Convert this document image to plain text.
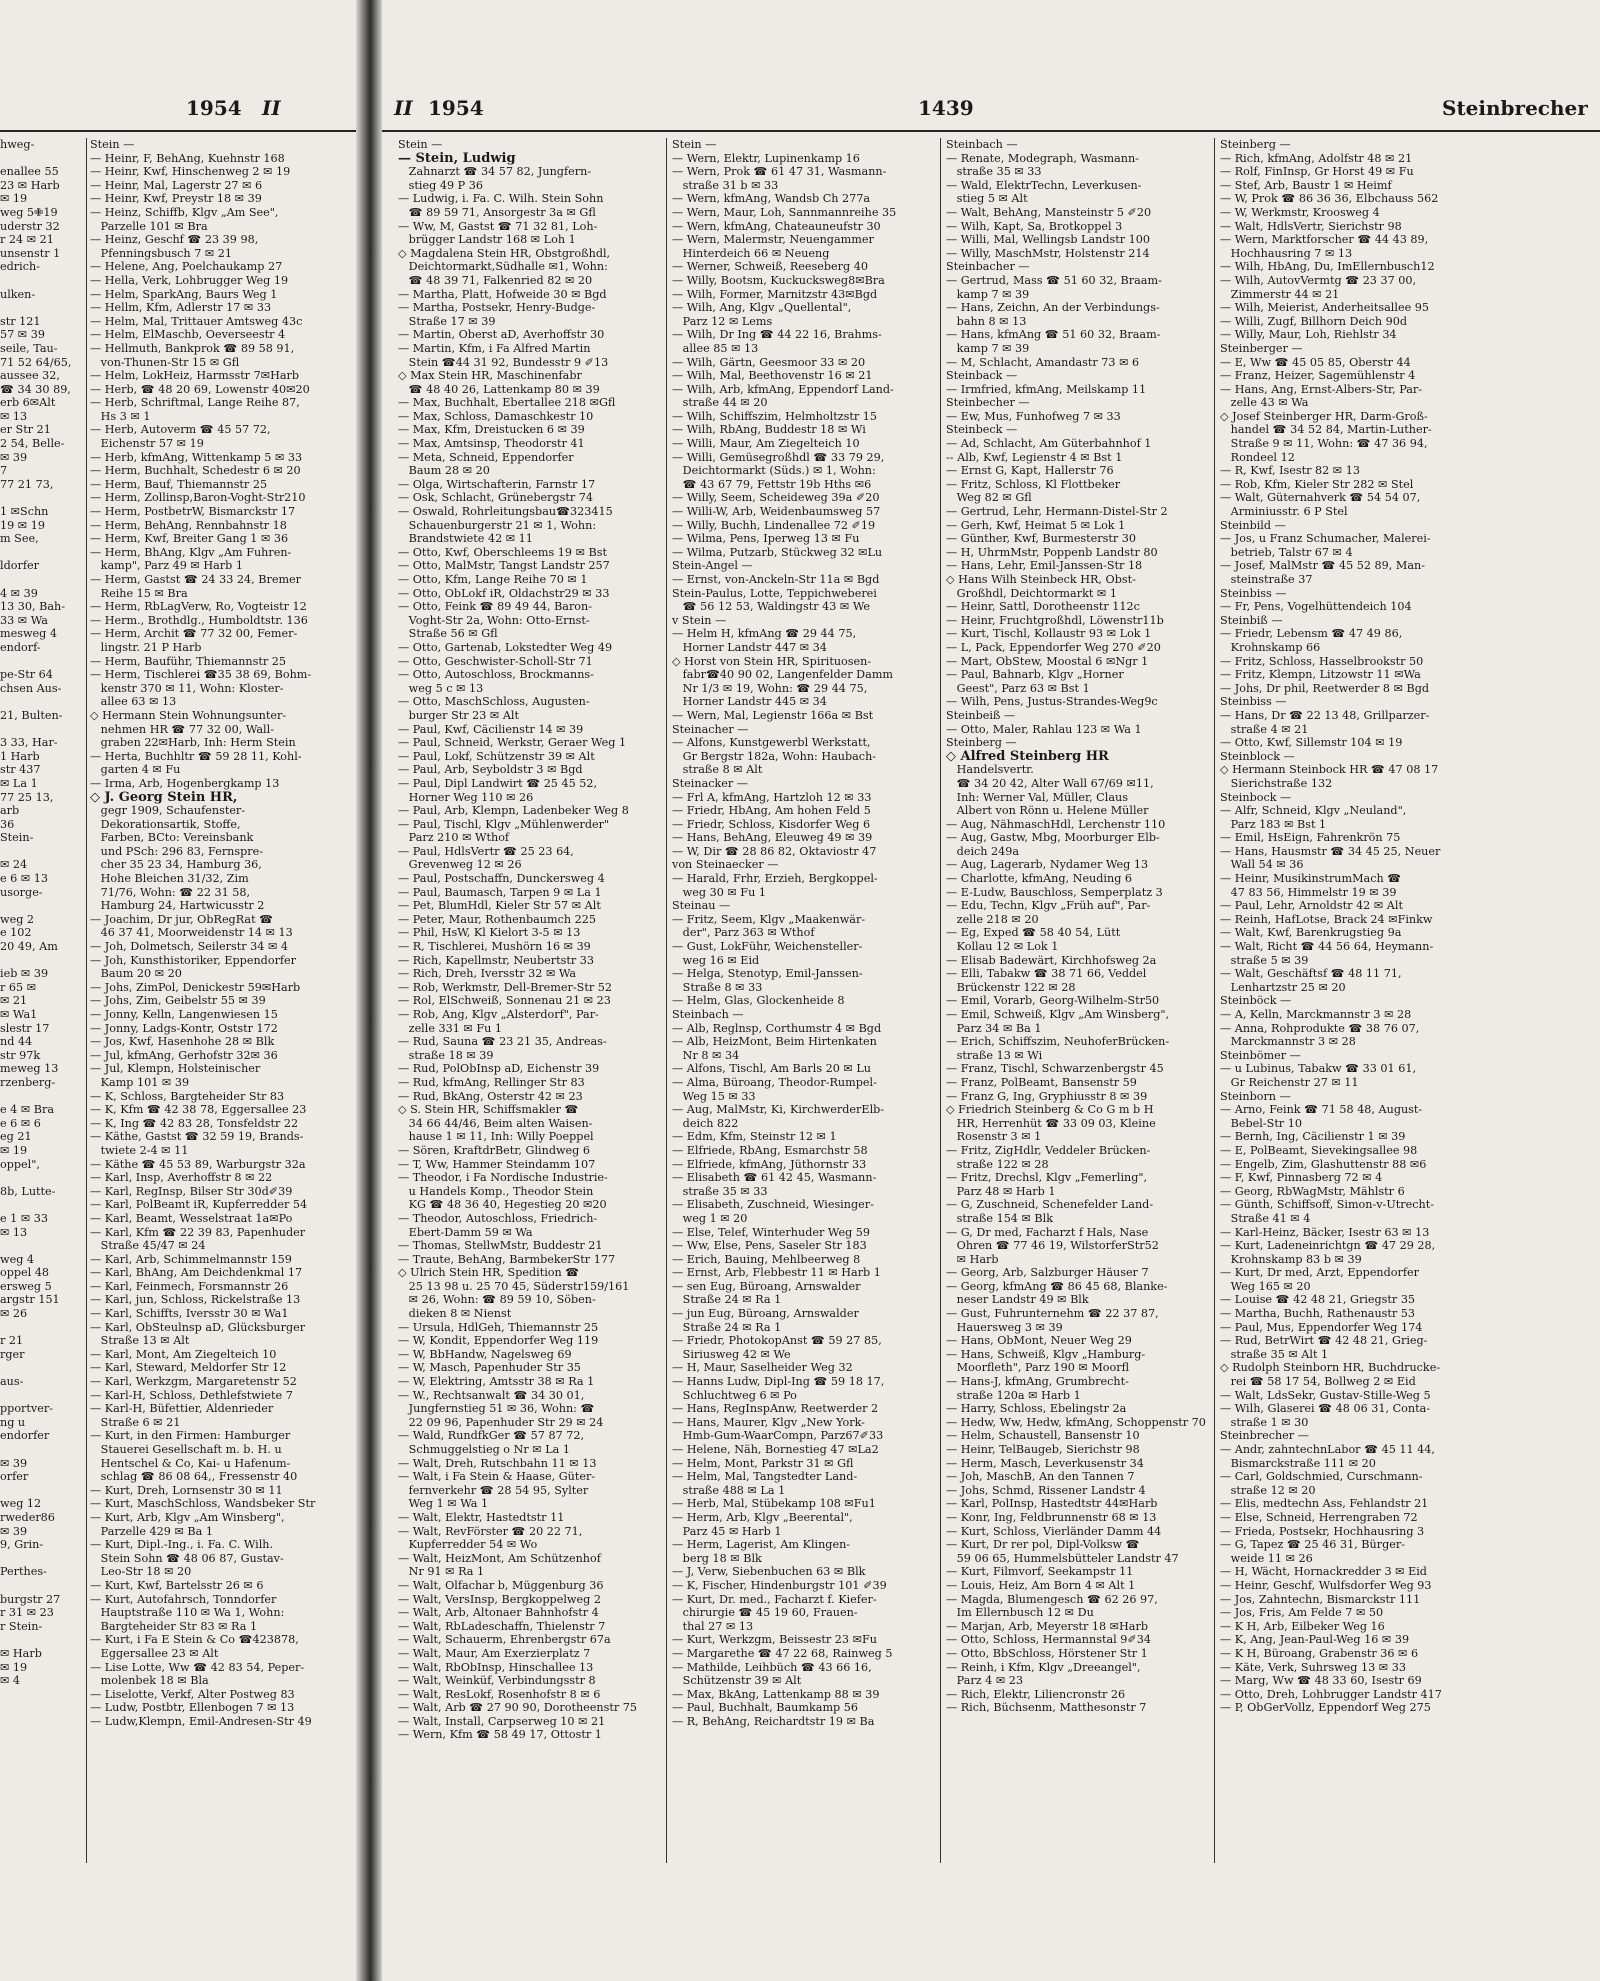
1954 II
hweg-
enallee 55
23 ✉ Harb
✉ 19
weg 5✙19
uderstr 32
r 24 ✉ 21
unsenstr 1
edrich-
ulken-
str 121
57 ✉ 39
seile, Tau-
71 52 64/65,
aussee 32,
☎ 34 30 89,
erb 6✉Alt
✉ 13
er Str 21
2 54, Belle-
✉ 39
7
77 21 73,
1 ✉Schn
19 ✉ 19
m See,
ldorfer
4 ✉ 39
13 30, Bah-
33 ✉ Wa
mesweg 4
endorf-
pe-Str 64
chsen Aus-
21, Bulten-
3 33, Har-
1 Harb
str 437
✉ La 1
77 25 13,
arb
36
Stein-
✉ 24
e 6 ✉ 13
usorge-
weg 2
e 102
20 49, Am
ieb ✉ 39
r 65 ✉
✉ 21
✉ Wa1
slestr 17
nd 44
str 97k
meweg 13
rzenberg-
e 4 ✉ Bra
e 6 ✉ 6
eg 21
✉ 19
oppel",
8b, Lutte-
e 1 ✉ 33
✉ 13
weg 4
oppel 48
ersweg 5
argstr 151
✉ 26
r 21
rger
aus-
pportver-
ng u
endorfer
✉ 39
orfer
weg 12
rweder86
✉ 39
9, Grin-
Perthes-
burgstr 27
r 31 ✉ 23
r Stein-
✉ Harb
✉ 19
✉ 4
Stein —
— Heinr, F, BehAng, Kuehnstr 168
— Heinr, Kwf, Hinschenweg 2 ✉ 19
— Heinr, Mal, Lagerstr 27 ✉ 6
— Heinr, Kwf, Preystr 18 ✉ 39
— Heinz, Schiffb, Klgv „Am See",
Parzelle 101 ✉ Bra
— Heinz, Geschf ☎ 23 39 98,
Pfenningsbusch 7 ✉ 21
— Helene, Ang, Poelchaukamp 27
— Hella, Verk, Lohbrugger Weg 19
— Helm, SparkAng, Baurs Weg 1
— Hellm, Kfm, Adlerstr 17 ✉ 33
— Helm, Mal, Trittauer Amtsweg 43c
— Helm, ElMaschb, Oeverseestr 4
— Hellmuth, Bankprok ☎ 89 58 91,
von-Thunen-Str 15 ✉ Gfl
— Helm, LokHeiz, Harmsstr 7✉Harb
— Herb, ☎ 48 20 69, Lowenstr 40✉20
— Herb, Schriftmal, Lange Reihe 87,
Hs 3 ✉ 1
— Herb, Autoverm ☎ 45 57 72,
Eichenstr 57 ✉ 19
— Herb, kfmAng, Wittenkamp 5 ✉ 33
— Herm, Buchhalt, Schedestr 6 ✉ 20
— Herm, Bauf, Thiemannstr 25
— Herm, Zollinsp,Baron-Voght-Str210
— Herm, PostbetrW, Bismarckstr 17
— Herm, BehAng, Rennbahnstr 18
— Herm, Kwf, Breiter Gang 1 ✉ 36
— Herm, BhAng, Klgv „Am Fuhren-
kamp", Parz 49 ✉ Harb 1
— Herm, Gastst ☎ 24 33 24, Bremer
Reihe 15 ✉ Bra
— Herm, RbLagVerw, Ro, Vogteistr 12
— Herm., Brothdlg., Humboldtstr. 136
— Herm, Archit ☎ 77 32 00, Femer-
lingstr. 21 P Harb
— Herm, Bauführ, Thiemannstr 25
— Herm, Tischlerei ☎35 38 69, Bohm-
kenstr 370 ✉ 11, Wohn: Kloster-
allee 63 ✉ 13
◇ Hermann Stein Wohnungsunter-
nehmen HR ☎ 77 32 00, Wall-
graben 22✉Harb, Inh: Herm Stein
— Herta, Buchhltr ☎ 59 28 11, Kohl-
garten 4 ✉ Fu
— Irma, Arb, Hogenbergkamp 13
◇ J. Georg Stein HR,
gegr 1909, Schaufenster-
Dekorationsartik, Stoffe,
Farben, BCto: Vereinsbank
und PSch: 296 83, Fernspre-
cher 35 23 34, Hamburg 36,
Hohe Bleichen 31/32, Zim
71/76, Wohn: ☎ 22 31 58,
Hamburg 24, Hartwicusstr 2
— Joachim, Dr jur, ObRegRat ☎
46 37 41, Moorweidenstr 14 ✉ 13
— Joh, Dolmetsch, Seilerstr 34 ✉ 4
— Joh, Kunsthistoriker, Eppendorfer
Baum 20 ✉ 20
— Johs, ZimPol, Denickestr 59✉Harb
— Johs, Zim, Geibelstr 55 ✉ 39
— Jonny, Kelln, Langenwiesen 15
— Jonny, Ladgs-Kontr, Oststr 172
— Jos, Kwf, Hasenhohe 28 ✉ Blk
— Jul, kfmAng, Gerhofstr 32✉ 36
— Jul, Klempn, Holsteinischer
Kamp 101 ✉ 39
— K, Schloss, Bargteheider Str 83
— K, Kfm ☎ 42 38 78, Eggersallee 23
— K, Ing ☎ 42 83 28, Tonsfeldstr 22
— Käthe, Gastst ☎ 32 59 19, Brands-
twiete 2-4 ✉ 11
— Käthe ☎ 45 53 89, Warburgstr 32a
— Karl, Insp, Averhoffstr 8 ✉ 22
— Karl, RegInsp, Bilser Str 30d✐39
— Karl, PolBeamt iR, Kupferredder 54
— Karl, Beamt, Wesselstraat 1a✉Po
— Karl, Kfm ☎ 22 39 83, Papenhuder
Straße 45/47 ✉ 24
— Karl, Arb, Schimmelmannstr 159
— Karl, BhAng, Am Deichdenkmal 17
— Karl, Feinmech, Forsmannstr 26
— Karl, jun, Schloss, Rickelstraße 13
— Karl, Schiffts, Iversstr 30 ✉ Wa1
— Karl, ObSteulnsp aD, Glücksburger
Straße 13 ✉ Alt
— Karl, Mont, Am Ziegelteich 10
— Karl, Steward, Meldorfer Str 12
— Karl, Werkzgm, Margaretenstr 52
— Karl-H, Schloss, Dethlefstwiete 7
— Karl-H, Büfettier, Aldenrieder
Straße 6 ✉ 21
— Kurt, in den Firmen: Hamburger
Stauerei Gesellschaft m. b. H. u
Hentschel & Co, Kai- u Hafenum-
schlag ☎ 86 08 64,, Fressenstr 40
— Kurt, Dreh, Lornsenstr 30 ✉ 11
— Kurt, MaschSchloss, Wandsbeker Str
— Kurt, Arb, Klgv „Am Winsberg",
Parzelle 429 ✉ Ba 1
— Kurt, Dipl.-Ing., i. Fa. C. Wilh.
Stein Sohn ☎ 48 06 87, Gustav-
Leo-Str 18 ✉ 20
— Kurt, Kwf, Bartelsstr 26 ✉ 6
— Kurt, Autofahrsch, Tonndorfer
Hauptstraße 110 ✉ Wa 1, Wohn:
Bargteheider Str 83 ✉ Ra 1
— Kurt, i Fa E Stein & Co ☎423878,
Eggersallee 23 ✉ Alt
— Lise Lotte, Ww ☎ 42 83 54, Peper-
molenbek 18 ✉ Bla
— Liselotte, Verkf, Alter Postweg 83
— Ludw, Postbtr, Ellenbogen 7 ✉ 13
— Ludw,Klempn, Emil-Andresen-Str 49
II 1954	1439	Steinbrecher
Stein —
— Stein, Ludwig
Zahnarzt ☎ 34 57 82, Jungfern-
stieg 49 P 36
— Ludwig, i. Fa. C. Wilh. Stein Sohn
☎ 89 59 71, Ansorgestr 3a ✉ Gfl
— Ww, M, Gastst ☎ 71 32 81, Loh-
brügger Landstr 168 ✉ Loh 1
◇ Magdalena Stein HR, Obstgroßhdl,
Deichtormarkt,Südhalle ✉1, Wohn:
☎ 48 39 71, Falkenried 82 ✉ 20
— Martha, Platt, Hofweide 30 ✉ Bgd
— Martha, Postsekr, Henry-Budge-
Straße 17 ✉ 39
— Martin, Oberst aD, Averhoffstr 30
— Martin, Kfm, i Fa Alfred Martin
Stein ☎44 31 92, Bundesstr 9 ✐13
◇ Max Stein HR, Maschinenfabr
☎ 48 40 26, Lattenkamp 80 ✉ 39
— Max, Buchhalt, Ebertallee 218 ✉Gfl
— Max, Schloss, Damaschkestr 10
— Max, Kfm, Dreistucken 6 ✉ 39
— Max, Amtsinsp, Theodorstr 41
— Meta, Schneid, Eppendorfer
Baum 28 ✉ 20
— Olga, Wirtschafterin, Farnstr 17
— Osk, Schlacht, Grünebergstr 74
— Oswald, Rohrleitungsbau☎323415
Schauenburgerstr 21 ✉ 1, Wohn:
Brandstwiete 42 ✉ 11
— Otto, Kwf, Oberschleems 19 ✉ Bst
— Otto, MalMstr, Tangst Landstr 257
— Otto, Kfm, Lange Reihe 70 ✉ 1
— Otto, ObLokf iR, Oldachstr29 ✉ 33
— Otto, Feink ☎ 89 49 44, Baron-
Voght-Str 2a, Wohn: Otto-Ernst-
Straße 56 ✉ Gfl
— Otto, Gartenab, Lokstedter Weg 49
— Otto, Geschwister-Scholl-Str 71
— Otto, Autoschloss, Brockmanns-
weg 5 c ✉ 13
— Otto, MaschSchloss, Augusten-
burger Str 23 ✉ Alt
— Paul, Kwf, Cäcilienstr 14 ✉ 39
— Paul, Schneid, Werkstr, Geraer Weg 1
— Paul, Lokf, Schützenstr 39 ✉ Alt
— Paul, Arb, Seyboldstr 3 ✉ Bgd
— Paul, Dipl Landwirt ☎ 25 45 52,
Horner Weg 110 ✉ 26
— Paul, Arb, Klempn, Ladenbeker Weg 8
— Paul, Tischl, Klgv „Mühlenwerder"
Parz 210 ✉ Wthof
— Paul, HdlsVertr ☎ 25 23 64,
Grevenweg 12 ✉ 26
— Paul, Postschaffn, Dunckersweg 4
— Paul, Baumasch, Tarpen 9 ✉ La 1
— Pet, BlumHdl, Kieler Str 57 ✉ Alt
— Peter, Maur, Rothenbaumch 225
— Phil, HsW, Kl Kielort 3-5 ✉ 13
— R, Tischlerei, Mushörn 16 ✉ 39
— Rich, Kapellmstr, Neubertstr 33
— Rich, Dreh, Iversstr 32 ✉ Wa
— Rob, Werkmstr, Dell-Bremer-Str 52
— Rol, ElSchweiß, Sonnenau 21 ✉ 23
— Rob, Ang, Klgv „Alsterdorf", Par-
zelle 331 ✉ Fu 1
— Rud, Sauna ☎ 23 21 35, Andreas-
straße 18 ✉ 39
— Rud, PolObInsp aD, Eichenstr 39
— Rud, kfmAng, Rellinger Str 83
— Rud, BkAng, Osterstr 42 ✉ 23
◇ S. Stein HR, Schiffsmakler ☎
34 66 44/46, Beim alten Waisen-
hause 1 ✉ 11, Inh: Willy Poeppel
— Sören, KraftdrBetr, Glindweg 6
— T, Ww, Hammer Steindamm 107
— Theodor, i Fa Nordische Industrie-
u Handels Komp., Theodor Stein
KG ☎ 48 36 40, Hegestieg 20 ✉20
— Theodor, Autoschloss, Friedrich-
Ebert-Damm 59 ✉ Wa
— Thomas, StellwMstr, Buddestr 21
— Traute, BehAng, BarmbekerStr 177
◇ Ulrich Stein HR, Spedition ☎
25 13 98 u. 25 70 45, Süderstr159/161
✉ 26, Wohn: ☎ 89 59 10, Söben-
dieken 8 ✉ Nienst
— Ursula, HdlGeh, Thiemannstr 25
— W, Kondit, Eppendorfer Weg 119
— W, BbHandw, Nagelsweg 69
— W, Masch, Papenhuder Str 35
— W, Elektring, Amtsstr 38 ✉ Ra 1
— W., Rechtsanwalt ☎ 34 30 01,
Jungfernstieg 51 ✉ 36, Wohn: ☎
22 09 96, Papenhuder Str 29 ✉ 24
— Wald, RundfkGer ☎ 57 87 72,
Schmuggelstieg o Nr ✉ La 1
— Walt, Dreh, Rutschbahn 11 ✉ 13
— Walt, i Fa Stein & Haase, Güter-
fernverkehr ☎ 28 54 95, Sylter
Weg 1 ✉ Wa 1
— Walt, Elektr, Hastedtstr 11
— Walt, RevFörster ☎ 20 22 71,
Kupferredder 54 ✉ Wo
— Walt, HeizMont, Am Schützenhof
Nr 91 ✉ Ra 1
— Walt, Olfachar b, Müggenburg 36
— Walt, VersInsp, Bergkoppelweg 2
— Walt, Arb, Altonaer Bahnhofstr 4
— Walt, RbLadeschaffn, Thielenstr 7
— Walt, Schauerm, Ehrenbergstr 67a
— Walt, Maur, Am Exerzierplatz 7
— Walt, RbObInsp, Hinschallee 13
— Walt, Weinküf, Verbindungsstr 8
— Walt, ResLokf, Rosenhofstr 8 ✉ 6
— Walt, Arb ☎ 27 90 90, Dorotheenstr 75
— Walt, Install, Carpserweg 10 ✉ 21
— Wern, Kfm ☎ 58 49 17, Ottostr 1
Stein —
— Wern, Elektr, Lupinenkamp 16
— Wern, Prok ☎ 61 47 31, Wasmann-
straße 31 b ✉ 33
— Wern, kfmAng, Wandsb Ch 277a
— Wern, Maur, Loh, Sannmannreihe 35
— Wern, kfmAng, Chateauneufstr 30
— Wern, Malermstr, Neuengammer
Hinterdeich 66 ✉ Neueng
— Werner, Schweiß, Reeseberg 40
— Willy, Bootsm, Kuckucksweg8✉Bra
— Wilh, Former, Marnitzstr 43✉Bgd
— Wilh, Ang, Klgv „Quellental",
Parz 12 ✉ Lems
— Wilh, Dr Ing ☎ 44 22 16, Brahms-
allee 85 ✉ 13
— Wilh, Gärtn, Geesmoor 33 ✉ 20
— Wilh, Mal, Beethovenstr 16 ✉ 21
— Wilh, Arb, kfmAng, Eppendorf Land-
straße 44 ✉ 20
— Wilh, Schiffszim, Helmholtzstr 15
— Wilh, RbAng, Buddestr 18 ✉ Wi
— Willi, Maur, Am Ziegelteich 10
— Willi, Gemüsegroßhdl ☎ 33 79 29,
Deichtormarkt (Süds.) ✉ 1, Wohn:
☎ 43 67 79, Fettstr 19b Hths ✉6
— Willy, Seem, Scheideweg 39a ✐20
— Willi-W, Arb, Weidenbaumsweg 57
— Willy, Buchh, Lindenallee 72 ✐19
— Wilma, Pens, Iperweg 13 ✉ Fu
— Wilma, Putzarb, Stückweg 32 ✉Lu
Stein-Angel —
— Ernst, von-Anckeln-Str 11a ✉ Bgd
Stein-Paulus, Lotte, Teppichweberei
☎ 56 12 53, Waldingstr 43 ✉ We
v Stein —
— Helm H, kfmAng ☎ 29 44 75,
Horner Landstr 447 ✉ 34
◇ Horst von Stein HR, Spirituosen-
fabr☎40 90 02, Langenfelder Damm
Nr 1/3 ✉ 19, Wohn: ☎ 29 44 75,
Horner Landstr 445 ✉ 34
— Wern, Mal, Legienstr 166a ✉ Bst
Steinacher —
— Alfons, Kunstgewerbl Werkstatt,
Gr Bergstr 182a, Wohn: Haubach-
straße 8 ✉ Alt
Steinacker —
— Frl A, kfmAng, Hartzloh 12 ✉ 33
— Friedr, HbAng, Am hohen Feld 5
— Friedr, Schloss, Kisdorfer Weg 6
— Hans, BehAng, Eleuweg 49 ✉ 39
— W, Dir ☎ 28 86 82, Oktaviostr 47
von Steinaecker —
— Harald, Frhr, Erzieh, Bergkoppel-
weg 30 ✉ Fu 1
Steinau —
— Fritz, Seem, Klgv „Maakenwär-
der", Parz 363 ✉ Wthof
— Gust, LokFühr, Weichensteller-
weg 16 ✉ Eid
— Helga, Stenotyp, Emil-Janssen-
Straße 8 ✉ 33
— Helm, Glas, Glockenheide 8
Steinbach —
— Alb, Reglnsp, Corthumstr 4 ✉ Bgd
— Alb, HeizMont, Beim Hirtenkaten
Nr 8 ✉ 34
— Alfons, Tischl, Am Barls 20 ✉ Lu
— Alma, Büroang, Theodor-Rumpel-
Weg 15 ✉ 33
— Aug, MalMstr, Ki, KirchwerderElb-
deich 822
— Edm, Kfm, Steinstr 12 ✉ 1
— Elfriede, RbAng, Esmarchstr 58
— Elfriede, kfmAng, Jüthornstr 33
— Elisabeth ☎ 61 42 45, Wasmann-
straße 35 ✉ 33
— Elisabeth, Zuschneid, Wiesinger-
weg 1 ✉ 20
— Else, Telef, Winterhuder Weg 59
— Ww, Else, Pens, Saseler Str 183
— Erich, Bauing, Mehlbeerweg 8
— Ernst, Arb, Flebbestr 11 ✉ Harb 1
— sen Eug, Büroang, Arnswalder
Straße 24 ✉ Ra 1
— jun Eug, Büroang, Arnswalder
Straße 24 ✉ Ra 1
— Friedr, PhotokopAnst ☎ 59 27 85,
Siriusweg 42 ✉ We
— H, Maur, Saselheider Weg 32
— Hanns Ludw, Dipl-Ing ☎ 59 18 17,
Schluchtweg 6 ✉ Po
— Hans, RegInspAnw, Reetwerder 2
— Hans, Maurer, Klgv „New York-
Hmb-Gum-WaarCompn, Parz67✐33
— Helene, Näh, Bornestieg 47 ✉La2
— Helm, Mont, Parkstr 31 ✉ Gfl
— Helm, Mal, Tangstedter Land-
straße 488 ✉ La 1
— Herb, Mal, Stübekamp 108 ✉Fu1
— Herm, Arb, Klgv „Beerental",
Parz 45 ✉ Harb 1
— Herm, Lagerist, Am Klingen-
berg 18 ✉ Blk
— J, Verw, Siebenbuchen 63 ✉ Blk
— K, Fischer, Hindenburgstr 101 ✐39
— Kurt, Dr. med., Facharzt f. Kiefer-
chirurgie ☎ 45 19 60, Frauen-
thal 27 ✉ 13
— Kurt, Werkzgm, Beissestr 23 ✉Fu
— Margarethe ☎ 47 22 68, Rainweg 5
— Mathilde, Leihbüch ☎ 43 66 16,
Schützenstr 39 ✉ Alt
— Max, BkAng, Lattenkamp 88 ✉ 39
— Paul, Buchhalt, Baumkamp 56
— R, BehAng, Reichardtstr 19 ✉ Ba
Steinbach —
— Renate, Modegraph, Wasmann-
straße 35 ✉ 33
— Wald, ElektrTechn, Leverkusen-
stieg 5 ✉ Alt
— Walt, BehAng, Mansteinstr 5 ✐20
— Wilh, Kapt, Sa, Brotkoppel 3
— Willi, Mal, Wellingsb Landstr 100
— Willy, MaschMstr, Holstenstr 214
Steinbacher —
— Gertrud, Mass ☎ 51 60 32, Braam-
kamp 7 ✉ 39
— Hans, Zeichn, An der Verbindungs-
bahn 8 ✉ 13
— Hans, kfmAng ☎ 51 60 32, Braam-
kamp 7 ✉ 39
— M, Schlacht, Amandastr 73 ✉ 6
Steinback —
— Irmfried, kfmAng, Meilskamp 11
Steinbecher —
— Ew, Mus, Funhofweg 7 ✉ 33
Steinbeck —
— Ad, Schlacht, Am Güterbahnhof 1
-- Alb, Kwf, Legienstr 4 ✉ Bst 1
— Ernst G, Kapt, Hallerstr 76
— Fritz, Schloss, Kl Flottbeker
Weg 82 ✉ Gfl
— Gertrud, Lehr, Hermann-Distel-Str 2
— Gerh, Kwf, Heimat 5 ✉ Lok 1
— Günther, Kwf, Burmesterstr 30
— H, UhrmMstr, Poppenb Landstr 80
— Hans, Lehr, Emil-Janssen-Str 18
◇ Hans Wilh Steinbeck HR, Obst-
Großhdl, Deichtormarkt ✉ 1
— Heinr, Sattl, Dorotheenstr 112c
— Heinr, Fruchtgroßhdl, Löwenstr11b
— Kurt, Tischl, Kollaustr 93 ✉ Lok 1
— L, Pack, Eppendorfer Weg 270 ✐20
— Mart, ObStew, Moostal 6 ✉Ngr 1
— Paul, Bahnarb, Klgv „Horner
Geest", Parz 63 ✉ Bst 1
— Wilh, Pens, Justus-Strandes-Weg9c
Steinbeiß —
— Otto, Maler, Rahlau 123 ✉ Wa 1
Steinberg —
◇ Alfred Steinberg HR
Handelsvertr.
☎ 34 20 42, Alter Wall 67/69 ✉11,
Inh: Werner Val, Müller, Claus
Albert von Rönn u. Helene Müller
— Aug, NähmaschHdl, Lerchenstr 110
— Aug, Gastw, Mbg, Moorburger Elb-
deich 249a
— Aug, Lagerarb, Nydamer Weg 13
— Charlotte, kfmAng, Neuding 6
— E-Ludw, Bauschloss, Semperplatz 3
— Edu, Techn, Klgv „Früh auf", Par-
zelle 218 ✉ 20
— Eg, Exped ☎ 58 40 54, Lütt
Kollau 12 ✉ Lok 1
— Elisab Badewärt, Kirchhofsweg 2a
— Elli, Tabakw ☎ 38 71 66, Veddel
Brückenstr 122 ✉ 28
— Emil, Vorarb, Georg-Wilhelm-Str50
— Emil, Schweiß, Klgv „Am Winsberg",
Parz 34 ✉ Ba 1
— Erich, Schiffszim, NeuhoferBrücken-
straße 13 ✉ Wi
— Franz, Tischl, Schwarzenbergstr 45
— Franz, PolBeamt, Bansenstr 59
— Franz G, Ing, Gryphiusstr 8 ✉ 39
◇ Friedrich Steinberg & Co G m b H
HR, Herrenhüt ☎ 33 09 03, Kleine
Rosenstr 3 ✉ 1
— Fritz, ZigHdlr, Veddeler Brücken-
straße 122 ✉ 28
— Fritz, Drechsl, Klgv „Femerling",
Parz 48 ✉ Harb 1
— G, Zuschneid, Schenefelder Land-
straße 154 ✉ Blk
— G, Dr med, Facharzt f Hals, Nase
Ohren ☎ 77 46 19, WilstorferStr52
✉ Harb
— Georg, Arb, Salzburger Häuser 7
— Georg, kfmAng ☎ 86 45 68, Blanke-
neser Landstr 49 ✉ Blk
— Gust, Fuhrunternehm ☎ 22 37 87,
Hauersweg 3 ✉ 39
— Hans, ObMont, Neuer Weg 29
— Hans, Schweiß, Klgv „Hamburg-
Moorfleth", Parz 190 ✉ Moorfl
— Hans-J, kfmAng, Grumbrecht-
straße 120a ✉ Harb 1
— Harry, Schloss, Ebelingstr 2a
— Hedw, Ww, Hedw, kfmAng, Schoppenstr 70
— Helm, Schaustell, Bansenstr 10
— Heinr, TelBaugeb, Sierichstr 98
— Herm, Masch, Leverkusenstr 34
— Joh, MaschB, An den Tannen 7
— Johs, Schmd, Rissener Landstr 4
— Karl, PolInsp, Hastedtstr 44✉Harb
— Konr, Ing, Feldbrunnenstr 68 ✉ 13
— Kurt, Schloss, Vierländer Damm 44
— Kurt, Dr rer pol, Dipl-Volksw ☎
59 06 65, Hummelsbütteler Landstr 47
— Kurt, Filmvorf, Seekampstr 11
— Louis, Heiz, Am Born 4 ✉ Alt 1
— Magda, Blumengesch ☎ 62 26 97,
Im Ellernbusch 12 ✉ Du
— Marjan, Arb, Meyerstr 18 ✉Harb
— Otto, Schloss, Hermannstal 9✐34
— Otto, BbSchloss, Hörstener Str 1
— Reinh, i Kfm, Klgv „Dreeangel",
Parz 4 ✉ 23
— Rich, Elektr, Liliencronstr 26
— Rich, Büchsenm, Matthesonstr 7
Steinberg —
— Rich, kfmAng, Adolfstr 48 ✉ 21
— Rolf, FinInsp, Gr Horst 49 ✉ Fu
— Stef, Arb, Baustr 1 ✉ Heimf
— W, Prok ☎ 86 36 36, Elbchauss 562
— W, Werkmstr, Kroosweg 4
— Walt, HdlsVertr, Sierichstr 98
— Wern, Marktforscher ☎ 44 43 89,
Hochhausring 7 ✉ 13
— Wilh, HbAng, Du, ImEllernbusch12
— Wilh, AutovVermtg ☎ 23 37 00,
Zimmerstr 44 ✉ 21
— Wilh, Meierist, Anderheitsallee 95
— Willi, Zugf, Billhorn Deich 90d
— Willy, Maur, Loh, Riehlstr 34
Steinberger —
— E, Ww ☎ 45 05 85, Oberstr 44
— Franz, Heizer, Sagemühlenstr 4
— Hans, Ang, Ernst-Albers-Str, Par-
zelle 43 ✉ Wa
◇ Josef Steinberger HR, Darm-Groß-
handel ☎ 34 52 84, Martin-Luther-
Straße 9 ✉ 11, Wohn: ☎ 47 36 94,
Rondeel 12
— R, Kwf, Isestr 82 ✉ 13
— Rob, Kfm, Kieler Str 282 ✉ Stel
— Walt, Güternahverk ☎ 54 54 07,
Arminiusstr. 6 P Stel
Steinbild —
— Jos, u Franz Schumacher, Malerei-
betrieb, Talstr 67 ✉ 4
— Josef, MalMstr ☎ 45 52 89, Man-
steinstraße 37
Steinbiss —
— Fr, Pens, Vogelhüttendeich 104
Steinbiß —
— Friedr, Lebensm ☎ 47 49 86,
Krohnskamp 66
— Fritz, Schloss, Hasselbrookstr 50
— Fritz, Klempn, Litzowstr 11 ✉Wa
— Johs, Dr phil, Reetwerder 8 ✉ Bgd
Steinbiss —
— Hans, Dr ☎ 22 13 48, Grillparzer-
straße 4 ✉ 21
— Otto, Kwf, Sillemstr 104 ✉ 19
Steinblock —
◇ Hermann Steinbock HR ☎ 47 08 17
Sierichstraße 132
Steinbock —
— Alfr, Schneid, Klgv „Neuland",
Parz 183 ✉ Bst 1
— Emil, HsEign, Fahrenkrön 75
— Hans, Hausmstr ☎ 34 45 25, Neuer
Wall 54 ✉ 36
— Heinr, MusikinstrumMach ☎
47 83 56, Himmelstr 19 ✉ 39
— Paul, Lehr, Arnoldstr 42 ✉ Alt
— Reinh, HafLotse, Brack 24 ✉Finkw
— Walt, Kwf, Barenkrugstieg 9a
— Walt, Richt ☎ 44 56 64, Heymann-
straße 5 ✉ 39
— Walt, Geschäftsf ☎ 48 11 71,
Lenhartzstr 25 ✉ 20
Steinböck —
— A, Kelln, Marckmannstr 3 ✉ 28
— Anna, Rohprodukte ☎ 38 76 07,
Marckmannstr 3 ✉ 28
Steinbömer —
— u Lubinus, Tabakw ☎ 33 01 61,
Gr Reichenstr 27 ✉ 11
Steinborn —
— Arno, Feink ☎ 71 58 48, August-
Bebel-Str 10
— Bernh, Ing, Cäcilienstr 1 ✉ 39
— E, PolBeamt, Sievekingsallee 98
— Engelb, Zim, Glashuttenstr 88 ✉6
— F, Kwf, Pinnasberg 72 ✉ 4
— Georg, RbWagMstr, Mählstr 6
— Günth, Schiffsoff, Simon-v-Utrecht-
Straße 41 ✉ 4
— Karl-Heinz, Bäcker, Isestr 63 ✉ 13
— Kurt, Ladeneinrichtgn ☎ 47 29 28,
Krohnskamp 83 b ✉ 39
— Kurt, Dr med, Arzt, Eppendorfer
Weg 165 ✉ 20
— Louise ☎ 42 48 21, Griegstr 35
— Martha, Buchh, Rathenaustr 53
— Paul, Mus, Eppendorfer Weg 174
— Rud, BetrWirt ☎ 42 48 21, Grieg-
straße 35 ✉ Alt 1
◇ Rudolph Steinborn HR, Buchdrucke-
rei ☎ 58 17 54, Bollweg 2 ✉ Eid
— Walt, LdsSekr, Gustav-Stille-Weg 5
— Wilh, Glaserei ☎ 48 06 31, Conta-
straße 1 ✉ 30
Steinbrecher —
— Andr, zahntechnLabor ☎ 45 11 44,
Bismarckstraße 111 ✉ 20
— Carl, Goldschmied, Curschmann-
straße 12 ✉ 20
— Elis, medtechn Ass, Fehlandstr 21
— Else, Schneid, Herrengraben 72
— Frieda, Postsekr, Hochhausring 3
— G, Tapez ☎ 25 46 31, Bürger-
weide 11 ✉ 26
— H, Wächt, Hornackredder 3 ✉ Eid
— Heinr, Geschf, Wulfsdorfer Weg 93
— Jos, Zahntechn, Bismarckstr 111
— Jos, Fris, Am Felde 7 ✉ 50
— K H, Arb, Eilbeker Weg 16
— K, Ang, Jean-Paul-Weg 16 ✉ 39
— K H, Büroang, Grabenstr 36 ✉ 6
— Käte, Verk, Suhrsweg 13 ✉ 33
— Marg, Ww ☎ 48 33 60, Isestr 69
— Otto, Dreh, Lohbrugger Landstr 417
— P, ObGerVollz, Eppendorf Weg 275
